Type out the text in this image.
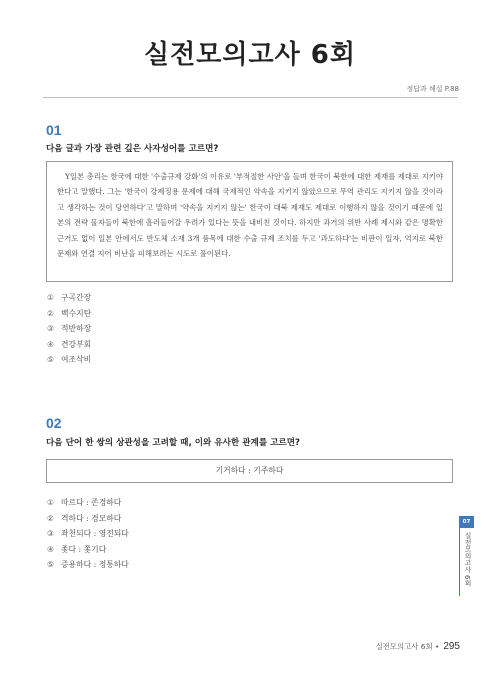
실전모의고사 6회
정답과 해설 P.88
01
다음 글과 가장 관련 깊은 사자성어를 고르면?

Y일본 총리는 한국에 대한 '수출규제 강화'의 이유로 '부적절한 사안'을 들며 한국이 북한에 대한 제재를 제대로 지키야 한다고 말했다. 그는 '한국이 강제징용 문제에 대해 국제적인 약속을 지키지 않았으므로 무역 관리도 지키지 않을 것이라고 생각하는 것이 당연하다'고 말하며 '약속을 지키지 않는' 한국이 대북 제재도 제대로 이행하지 않을 것이기 때문에 일본의 전략 물자들이 북한에 흘러들어갈 우려가 있다는 뜻을 내비친 것이다. 하지만 과거의 위반 사례 제시와 같은 명확한 근거도 없이 일본 안에서도 반도체 소재 3개 품목에 대한 수출 규제 조치를 두고 '과도하다'는 비판이 일자, 억지로 북한 문제와 연결 지어 비난을 피해보려는 시도로 풀이된다.

① 구곡간장
② 백수지탄
③ 적반하장
④ 견강부회
⑤ 여조삭비
02
다음 단어 한 쌍의 상관성을 고려할 때, 이와 유사한 관계를 고르면?
기거하다 : 기주하다
① 따르다 : 존경하다
② 격하다 : 경모하다
③ 좌천되다 : 영전되다
④ 좇다 : 쫓기다
⑤ 증용하다 : 정통하다
07
실전모의고사 6회
실전모의고사 6회 • 295
